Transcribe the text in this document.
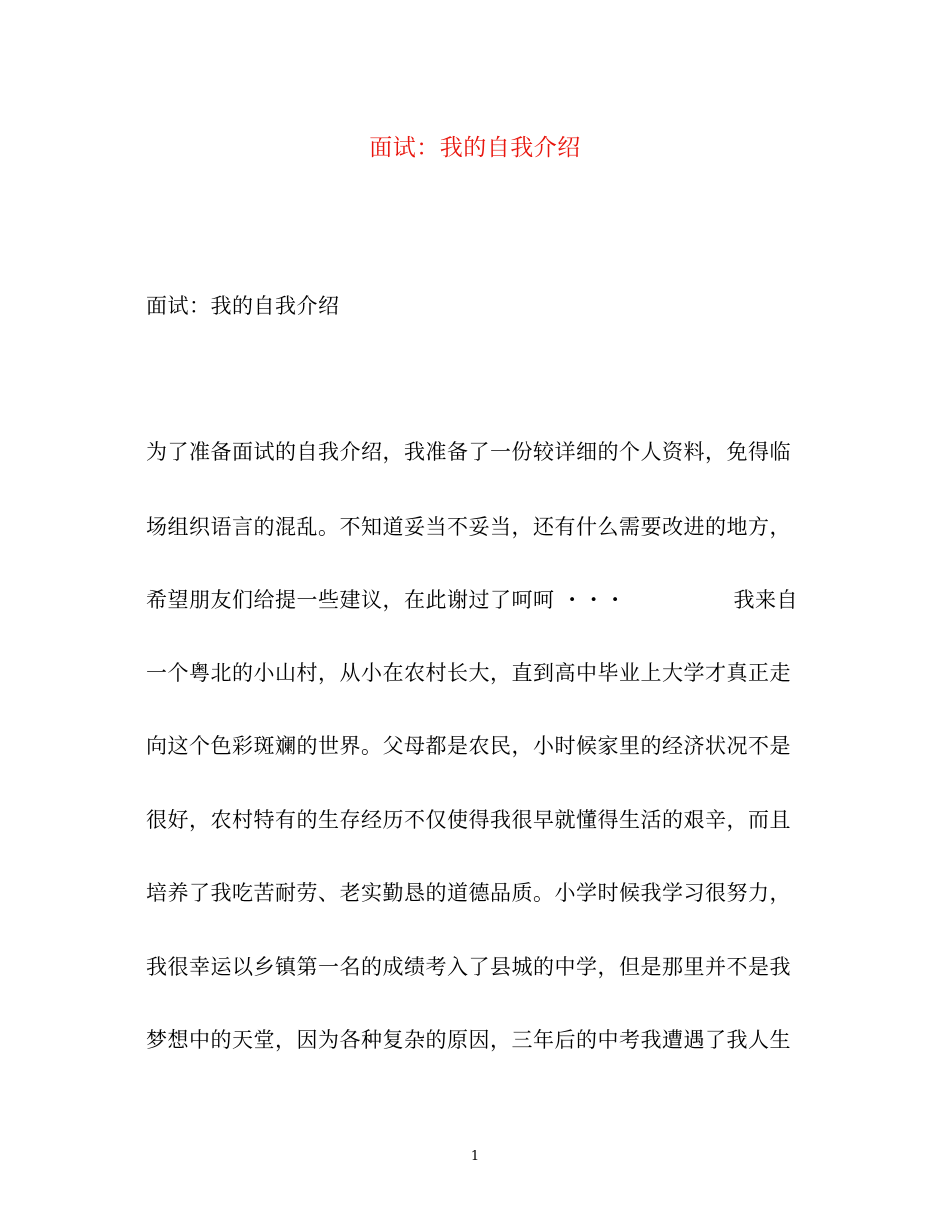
面试：我的自我介绍
面试：我的自我介绍
为了准备面试的自我介绍，我准备了一份较详细的个人资料，免得临
场组织语言的混乱。不知道妥当不妥当，还有什么需要改进的地方，
希望朋友们给提一些建议，在此谢过了呵呵 ・・・	我来自
一个粤北的小山村，从小在农村长大，直到高中毕业上大学才真正走
向这个色彩斑斓的世界。父母都是农民，小时候家里的经济状况不是
很好，农村特有的生存经历不仅使得我很早就懂得生活的艰辛，而且
培养了我吃苦耐劳、老实勤恳的道德品质。小学时候我学习很努力，
我很幸运以乡镇第一名的成绩考入了县城的中学，但是那里并不是我
梦想中的天堂，因为各种复杂的原因，三年后的中考我遭遇了我人生
1
